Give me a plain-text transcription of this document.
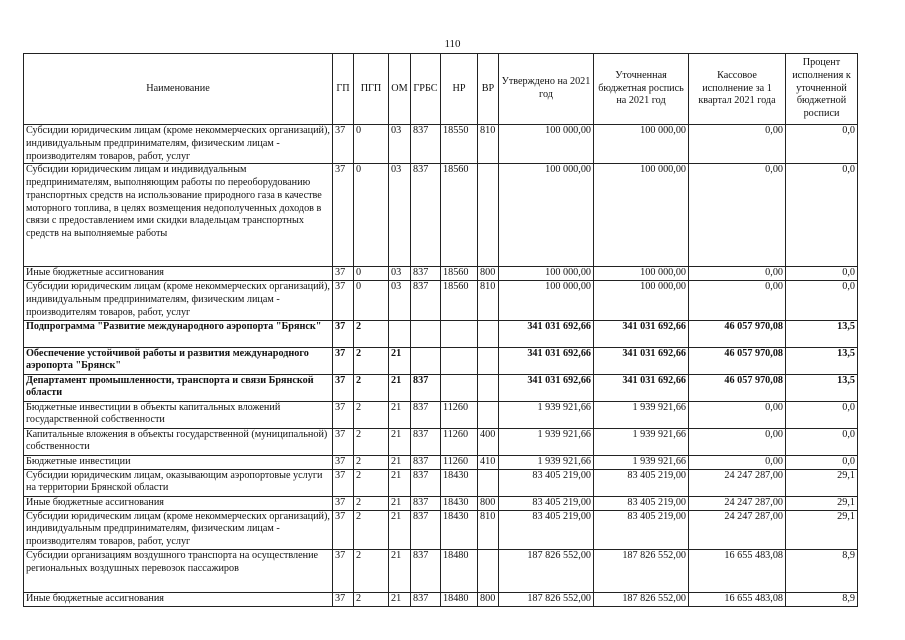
110
Наименование	ГП	ПГП	ОМ	ГРБС	НР	ВР	Утверждено на 2021 год	Уточненная бюджетная роспись на 2021 год	Кассовое исполнение за 1 квартал 2021 года	Процент исполнения к уточненной бюджетной росписи
Субсидии юридическим лицам (кроме некоммерческих организаций), индивидуальным предпринимателям, физическим лицам - производителям товаров, работ, услуг	37	0	03	837	18550	810	100 000,00	100 000,00	0,00	0,0
Субсидии юридическим лицам и индивидуальным предпринимателям, выполняющим работы по переоборудованию транспортных средств на использование природного газа в качестве моторного топлива, в целях возмещения недополученных доходов в связи с предоставлением ими скидки владельцам транспортных средств на выполняемые работы	37	0	03	837	18560		100 000,00	100 000,00	0,00	0,0
Иные бюджетные ассигнования	37	0	03	837	18560	800	100 000,00	100 000,00	0,00	0,0
Субсидии юридическим лицам (кроме некоммерческих организаций), индивидуальным предпринимателям, физическим лицам - производителям товаров, работ, услуг	37	0	03	837	18560	810	100 000,00	100 000,00	0,00	0,0
Подпрограмма "Развитие международного аэропорта "Брянск"	37	2					341 031 692,66	341 031 692,66	46 057 970,08	13,5
Обеспечение устойчивой работы и развития международного аэропорта "Брянск"	37	2	21				341 031 692,66	341 031 692,66	46 057 970,08	13,5
Департамент промышленности, транспорта и связи Брянской области	37	2	21	837			341 031 692,66	341 031 692,66	46 057 970,08	13,5
Бюджетные инвестиции в объекты капитальных вложений государственной собственности	37	2	21	837	11260		1 939 921,66	1 939 921,66	0,00	0,0
Капитальные вложения в объекты государственной (муниципальной) собственности	37	2	21	837	11260	400	1 939 921,66	1 939 921,66	0,00	0,0
Бюджетные инвестиции	37	2	21	837	11260	410	1 939 921,66	1 939 921,66	0,00	0,0
Субсидии юридическим лицам, оказывающим аэропортовые услуги на территории Брянской области	37	2	21	837	18430		83 405 219,00	83 405 219,00	24 247 287,00	29,1
Иные бюджетные ассигнования	37	2	21	837	18430	800	83 405 219,00	83 405 219,00	24 247 287,00	29,1
Субсидии юридическим лицам (кроме некоммерческих организаций), индивидуальным предпринимателям, физическим лицам - производителям товаров, работ, услуг	37	2	21	837	18430	810	83 405 219,00	83 405 219,00	24 247 287,00	29,1
Субсидии организациям воздушного транспорта на осуществление региональных воздушных перевозок пассажиров	37	2	21	837	18480		187 826 552,00	187 826 552,00	16 655 483,08	8,9
Иные бюджетные ассигнования	37	2	21	837	18480	800	187 826 552,00	187 826 552,00	16 655 483,08	8,9
